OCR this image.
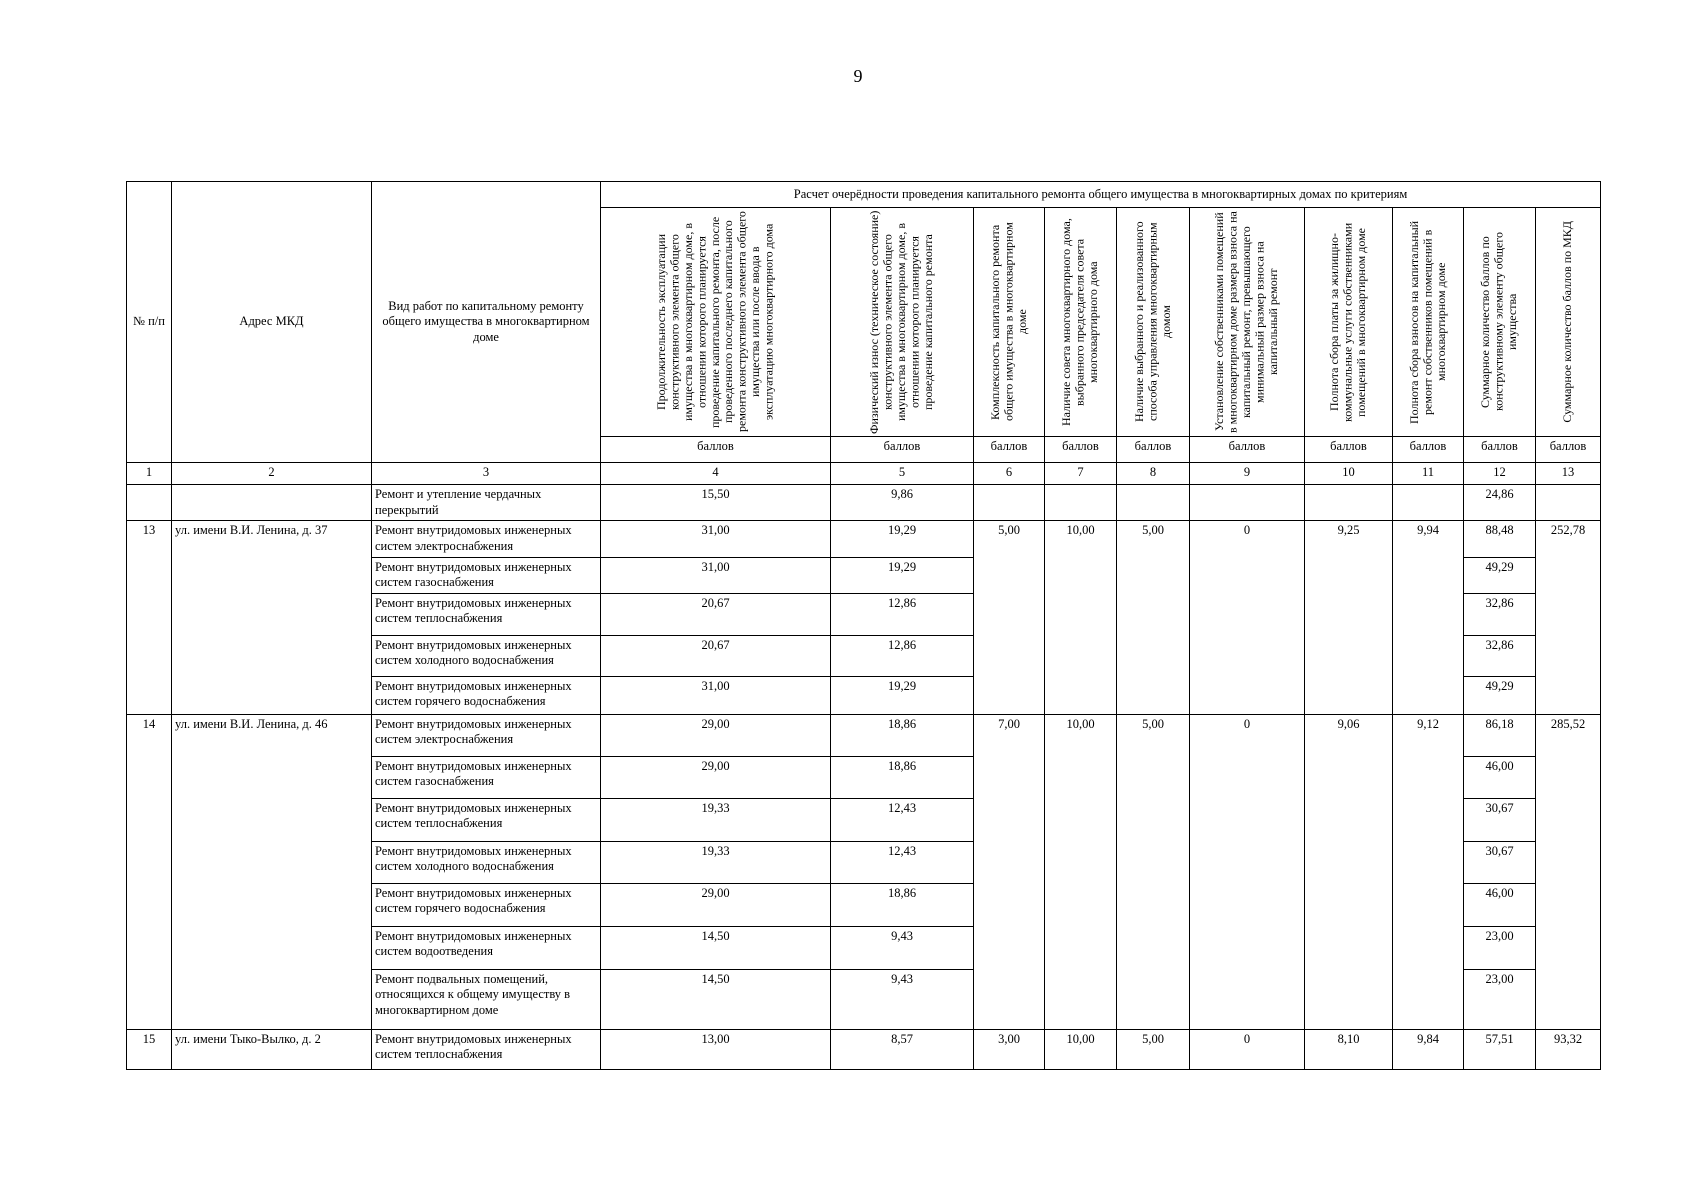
9
№ п/п	Адрес МКД	Вид работ по капитальному ремонту общего имущества в многоквартирном доме	Расчет очерёдности проведения капитального ремонта общего имущества в многоквартирных домах по критериям									

			Продолжительность эксплуатации конструктивного элемента общего имущества в многоквартирном доме, в отношении которого планируется проведение капитального ремонта, после проведенного последнего капитального ремонта конструктивного элемента общего имущества или после ввода в эксплуатацию многоквартирного дома	Физический износ (техническое состояние) конструктивного элемента общего имущества в многоквартирном доме, в отношении которого планируется проведение капитального ремонта	Комплексность капитального ремонта общего имущества в многоквартирном доме	Наличие совета многоквартирного дома, выбранного председателя совета многоквартирного дома	Наличие выбранного и реализованного способа управления многоквартирным домом	Установление собственниками помещений в многоквартирном доме размера взноса на капитальный ремонт, превышающего минимальный размер взноса на капитальный ремонт	Полнота сбора платы за жилищно-коммунальные услуги собственниками помещений в многоквартирном доме	Полнота сбора взносов на капитальный ремонт собственников помещений в многоквартирном доме	Суммарное количество баллов по конструктивному элементу общего имущества	Суммарное количество баллов по МКД

			баллов	баллов	баллов	баллов	баллов	баллов	баллов	баллов	баллов	баллов
1	2	3	4	5	6	7	8	9	10	11	12	13
		Ремонт и утепление чердачных перекрытий	15,50	9,86							24,86	
13	ул. имени В.И. Ленина, д. 37	Ремонт внутридомовых инженерных систем электроснабжения	31,00	19,29	5,00	10,00	5,00	0	9,25	9,94	88,48	252,78
		Ремонт внутридомовых инженерных систем газоснабжения	31,00	19,29							49,29	
		Ремонт внутридомовых инженерных систем теплоснабжения	20,67	12,86							32,86	
		Ремонт внутридомовых инженерных систем холодного водоснабжения	20,67	12,86							32,86	
		Ремонт внутридомовых инженерных систем горячего водоснабжения	31,00	19,29							49,29	
14	ул. имени В.И. Ленина, д. 46	Ремонт внутридомовых инженерных систем электроснабжения	29,00	18,86	7,00	10,00	5,00	0	9,06	9,12	86,18	285,52
		Ремонт внутридомовых инженерных систем газоснабжения	29,00	18,86							46,00	
		Ремонт внутридомовых инженерных систем теплоснабжения	19,33	12,43							30,67	
		Ремонт внутридомовых инженерных систем холодного водоснабжения	19,33	12,43							30,67	
		Ремонт внутридомовых инженерных систем горячего водоснабжения	29,00	18,86							46,00	
		Ремонт внутридомовых инженерных систем водоотведения	14,50	9,43							23,00	
		Ремонт подвальных помещений, относящихся к общему имуществу в многоквартирном доме	14,50	9,43							23,00	
15	ул. имени Тыко-Вылко, д. 2	Ремонт внутридомовых инженерных систем теплоснабжения	13,00	8,57	3,00	10,00	5,00	0	8,10	9,84	57,51	93,32
